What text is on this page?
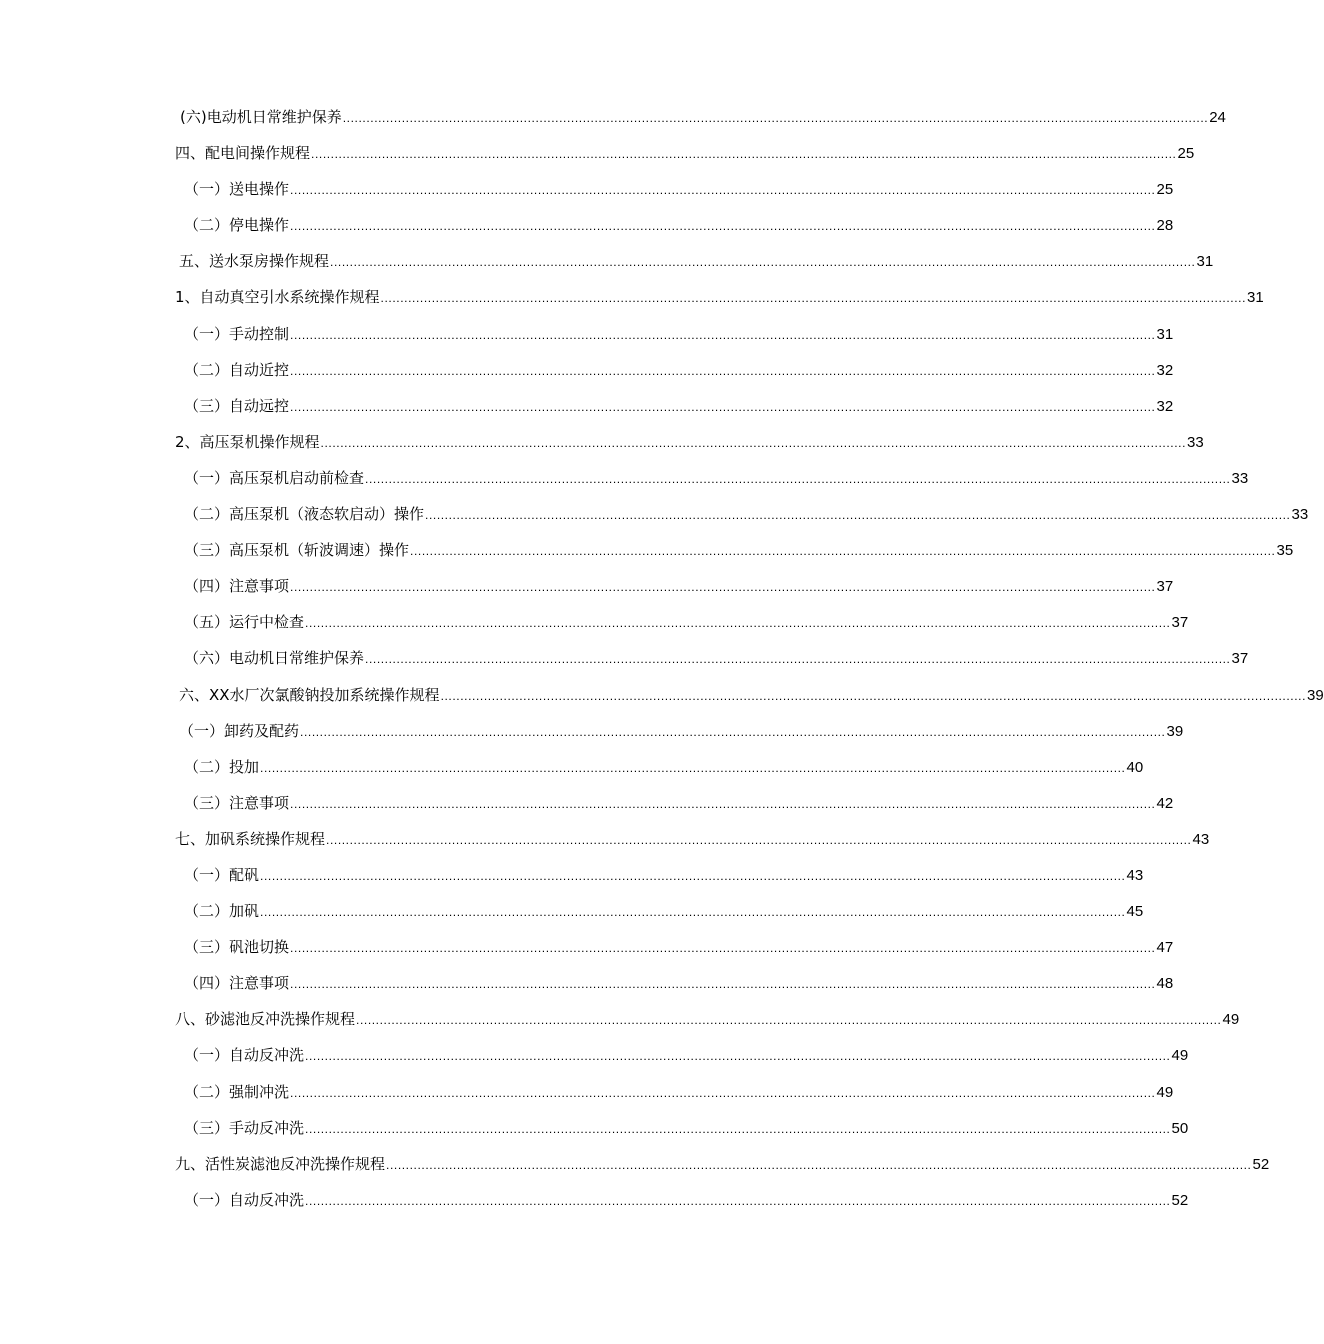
(六)电动机日常维护保养 ............................................................................................................................................................................................................................ 24
四、配电间操作规程 ............................................................................................................................................................................................................................ 25
（一）送电操作 ............................................................................................................................................................................................................................ 25
（二）停电操作 ............................................................................................................................................................................................................................ 28
五、送水泵房操作规程 ............................................................................................................................................................................................................................ 31
1、自动真空引水系统操作规程 ............................................................................................................................................................................................................................ 31
（一）手动控制 ............................................................................................................................................................................................................................ 31
（二）自动近控 ............................................................................................................................................................................................................................ 32
（三）自动远控 ............................................................................................................................................................................................................................ 32
2、高压泵机操作规程 ............................................................................................................................................................................................................................ 33
（一）高压泵机启动前检查 ............................................................................................................................................................................................................................ 33
（二）高压泵机（液态软启动）操作 ............................................................................................................................................................................................................................ 33
（三）高压泵机（斩波调速）操作 ............................................................................................................................................................................................................................ 35
（四）注意事项 ............................................................................................................................................................................................................................ 37
（五）运行中检查 ............................................................................................................................................................................................................................ 37
（六）电动机日常维护保养 ............................................................................................................................................................................................................................ 37
六、XX水厂次氯酸钠投加系统操作规程 ............................................................................................................................................................................................................................ 39
（一）卸药及配药 ............................................................................................................................................................................................................................ 39
（二）投加 ............................................................................................................................................................................................................................ 40
（三）注意事项 ............................................................................................................................................................................................................................ 42
七、加矾系统操作规程 ............................................................................................................................................................................................................................ 43
（一）配矾 ............................................................................................................................................................................................................................ 43
（二）加矾 ............................................................................................................................................................................................................................ 45
（三）矾池切换 ............................................................................................................................................................................................................................ 47
（四）注意事项 ............................................................................................................................................................................................................................ 48
八、砂滤池反冲洗操作规程 ............................................................................................................................................................................................................................ 49
（一）自动反冲洗 ............................................................................................................................................................................................................................ 49
（二）强制冲洗 ............................................................................................................................................................................................................................ 49
（三）手动反冲洗 ............................................................................................................................................................................................................................ 50
九、活性炭滤池反冲洗操作规程 ............................................................................................................................................................................................................................ 52
（一）自动反冲洗 ............................................................................................................................................................................................................................ 52
